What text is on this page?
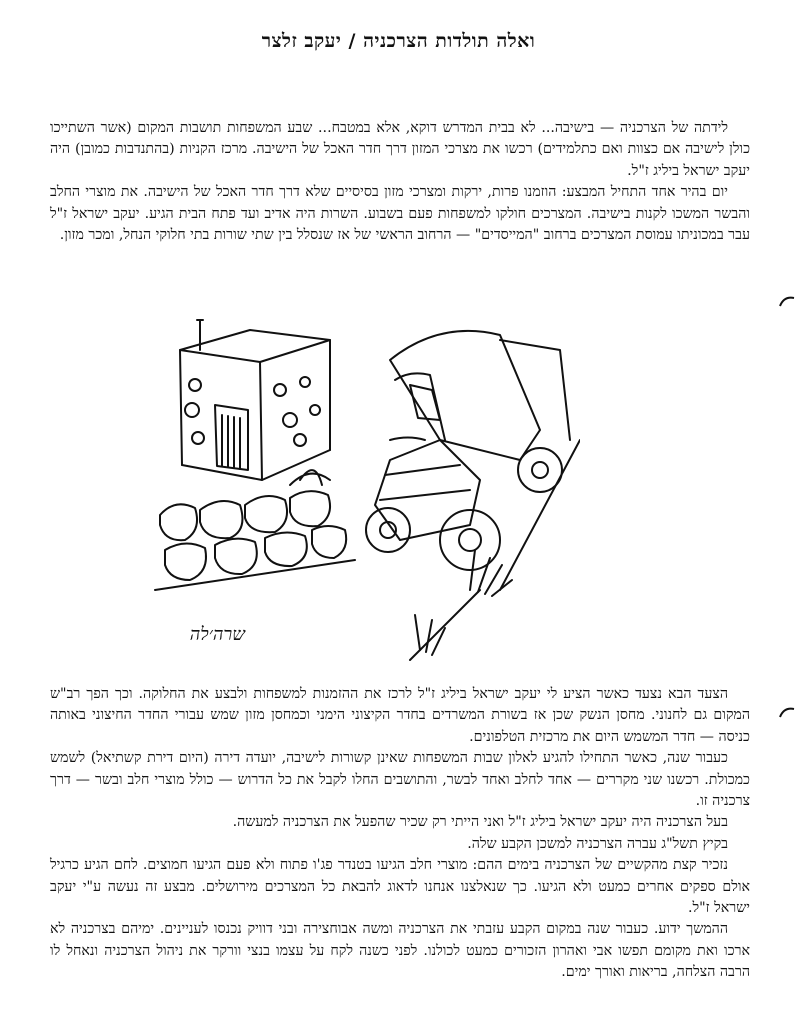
ואלה תולדות הצרכניה / יעקב זלצר

לידתה של הצרכניה — בישיבה... לא בבית המדרש דוקא, אלא במטבח... שבע המשפחות תושבות המקום (אשר השתייכו כולן לישיבה אם כצוות ואם כתלמידים) רכשו את מצרכי המזון דרך חדר האכל של הישיבה. מרכז הקניות (בהתנדבות כמובן) היה יעקב ישראל ביליג ז"ל.

יום בהיר אחד התחיל המבצע: הוזמנו פרות, ירקות ומצרכי מזון בסיסיים שלא דרך חדר האכל של הישיבה. את מוצרי החלב והבשר המשכו לקנות בישיבה. המצרכים חולקו למשפחות פעם בשבוע. השרות היה אדיב ועד פתח הבית הגיע. יעקב ישראל ז"ל עבר במכוניתו עמוסת המצרכים ברחוב "המייסדים" — הרחוב הראשי של אז שנסלל בין שתי שורות בתי חלוקי הנחל, ומכר מזון.

שרה׳לה

הצעד הבא נצעד כאשר הציע לי יעקב ישראל ביליג ז"ל לרכז את ההזמנות למשפחות ולבצע את החלוקה. וכך הפך רב"ש המקום גם לחנוני. מחסן הנשק שכן אז בשורת המשרדים בחדר הקיצוני הימני וכמחסן מזון שמש עבורי החדר החיצוני באותה כניסה — חדר המשמש היום את מרכזית הטלפונים.

כעבור שנה, כאשר התחילו להגיע לאלון שבות המשפחות שאינן קשורות לישיבה, יועדה דירה (היום דירת קשתיאל) לשמש כמכולת. רכשנו שני מקררים — אחד לחלב ואחד לבשר, והתושבים החלו לקבל את כל הדרוש — כולל מוצרי חלב ובשר — דרך צרכניה זו.

בעל הצרכניה היה יעקב ישראל ביליג ז"ל ואני הייתי רק שכיר שהפעל את הצרכניה למעשה.

בקיץ תשל"ג עברה הצרכניה למשכן הקבע שלה.

נזכיר קצת מהקשיים של הצרכניה בימים ההם: מוצרי חלב הגיעו בטנדר פג'ו פתוח ולא פעם הגיעו חמוצים. לחם הגיע כרגיל אולם ספקים אחרים כמעט ולא הגיעו. כך שנאלצנו אנחנו לדאוג להבאת כל המצרכים מירושלים. מבצע זה נעשה ע"י יעקב ישראל ז"ל.

ההמשך ידוע. כעבור שנה במקום הקבע עזבתי את הצרכניה ומשה אבוחצירה ובני דוויק נכנסו לעניינים. ימיהם בצרכניה לא ארכו ואת מקומם תפשו אבי ואהרון הזכורים כמעט לכולנו. לפני כשנה לקח על עצמו בנצי וורקר את ניהול הצרכניה ונאחל לו הרבה הצלחה, בריאות ואורך ימים.
